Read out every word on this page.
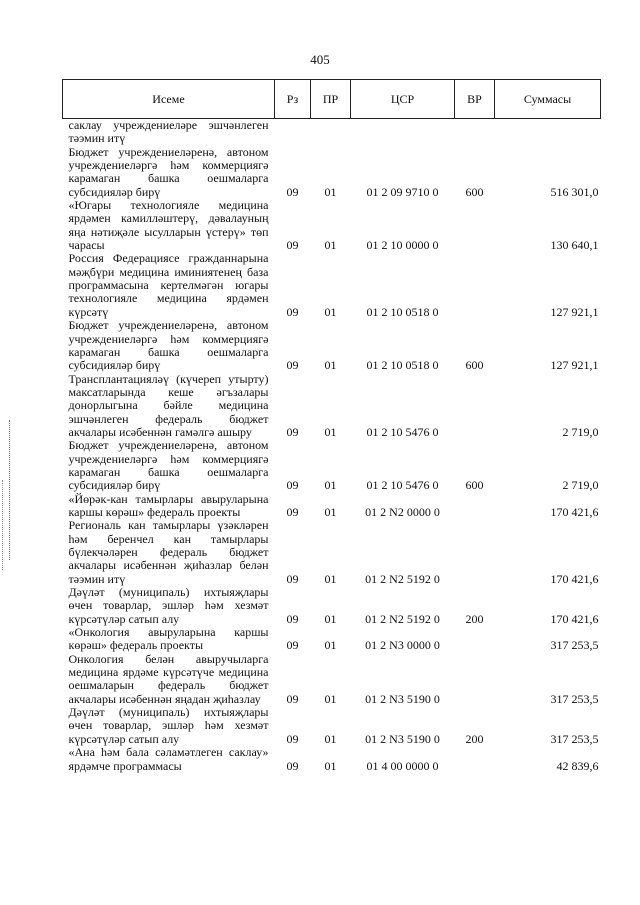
405
Исеме	Рз	ПР	ЦСР	ВР	Суммасы
саклау учреждениеләре эшчәнлеген тәэмин итү					
Бюджет учреждениеләренә, автоном учреждениеләргә һәм коммерциягә карамаган башка оешмаларга субсидияләр бирү	09	01	01 2 09 9710 0	600	516 301,0
«Югары технологияле медицина ярдәмен камилләштерү, дәвалауның яңа нәтиҗәле ысулларын үстерү» төп чарасы	09	01	01 2 10 0000 0		130 640,1
Россия Федерациясе гражданнарына мәҗбүри медицина иминиятенең база программасына кертелмәгән югары технологияле медицина ярдәмен күрсәтү	09	01	01 2 10 0518 0		127 921,1
Бюджет учреждениеләренә, автоном учреждениеләргә һәм коммерциягә карамаган башка оешмаларга субсидияләр бирү	09	01	01 2 10 0518 0	600	127 921,1
Трансплантацияләү (күчереп утырту) максатларында кеше әгъзалары донорлыгына бәйле медицина эшчәнлеген федераль бюджет акчалары исәбеннән гамәлгә ашыру	09	01	01 2 10 5476 0		2 719,0
Бюджет учреждениеләренә, автоном учреждениеләргә һәм коммерциягә карамаган башка оешмаларга субсидияләр бирү	09	01	01 2 10 5476 0	600	2 719,0
«Йөрәк-кан тамырлары авыруларына каршы көрәш» федераль проекты	09	01	01 2 N2 0000 0		170 421,6
Региональ кан тамырлары үзәкләрен һәм беренчел кан тамырлары бүлекчәләрен федераль бюджет акчалары исәбеннән җиһазлар белән тәэмин итү	09	01	01 2 N2 5192 0		170 421,6
Дәүләт (муниципаль) ихтыяҗлары өчен товарлар, эшләр һәм хезмәт күрсәтүләр сатып алу	09	01	01 2 N2 5192 0	200	170 421,6
«Онкология авыруларына каршы көрәш» федераль проекты	09	01	01 2 N3 0000 0		317 253,5
Онкология белән авыручыларга медицина ярдәме күрсәтүче медицина оешмаларын федераль бюджет акчалары исәбеннән яңадан җиһазлау	09	01	01 2 N3 5190 0		317 253,5
Дәүләт (муниципаль) ихтыяҗлары өчен товарлар, эшләр һәм хезмәт күрсәтүләр сатып алу	09	01	01 2 N3 5190 0	200	317 253,5
«Ана һәм бала сәламәтлеген саклау» ярдәмче программасы	09	01	01 4 00 0000 0		42 839,6
